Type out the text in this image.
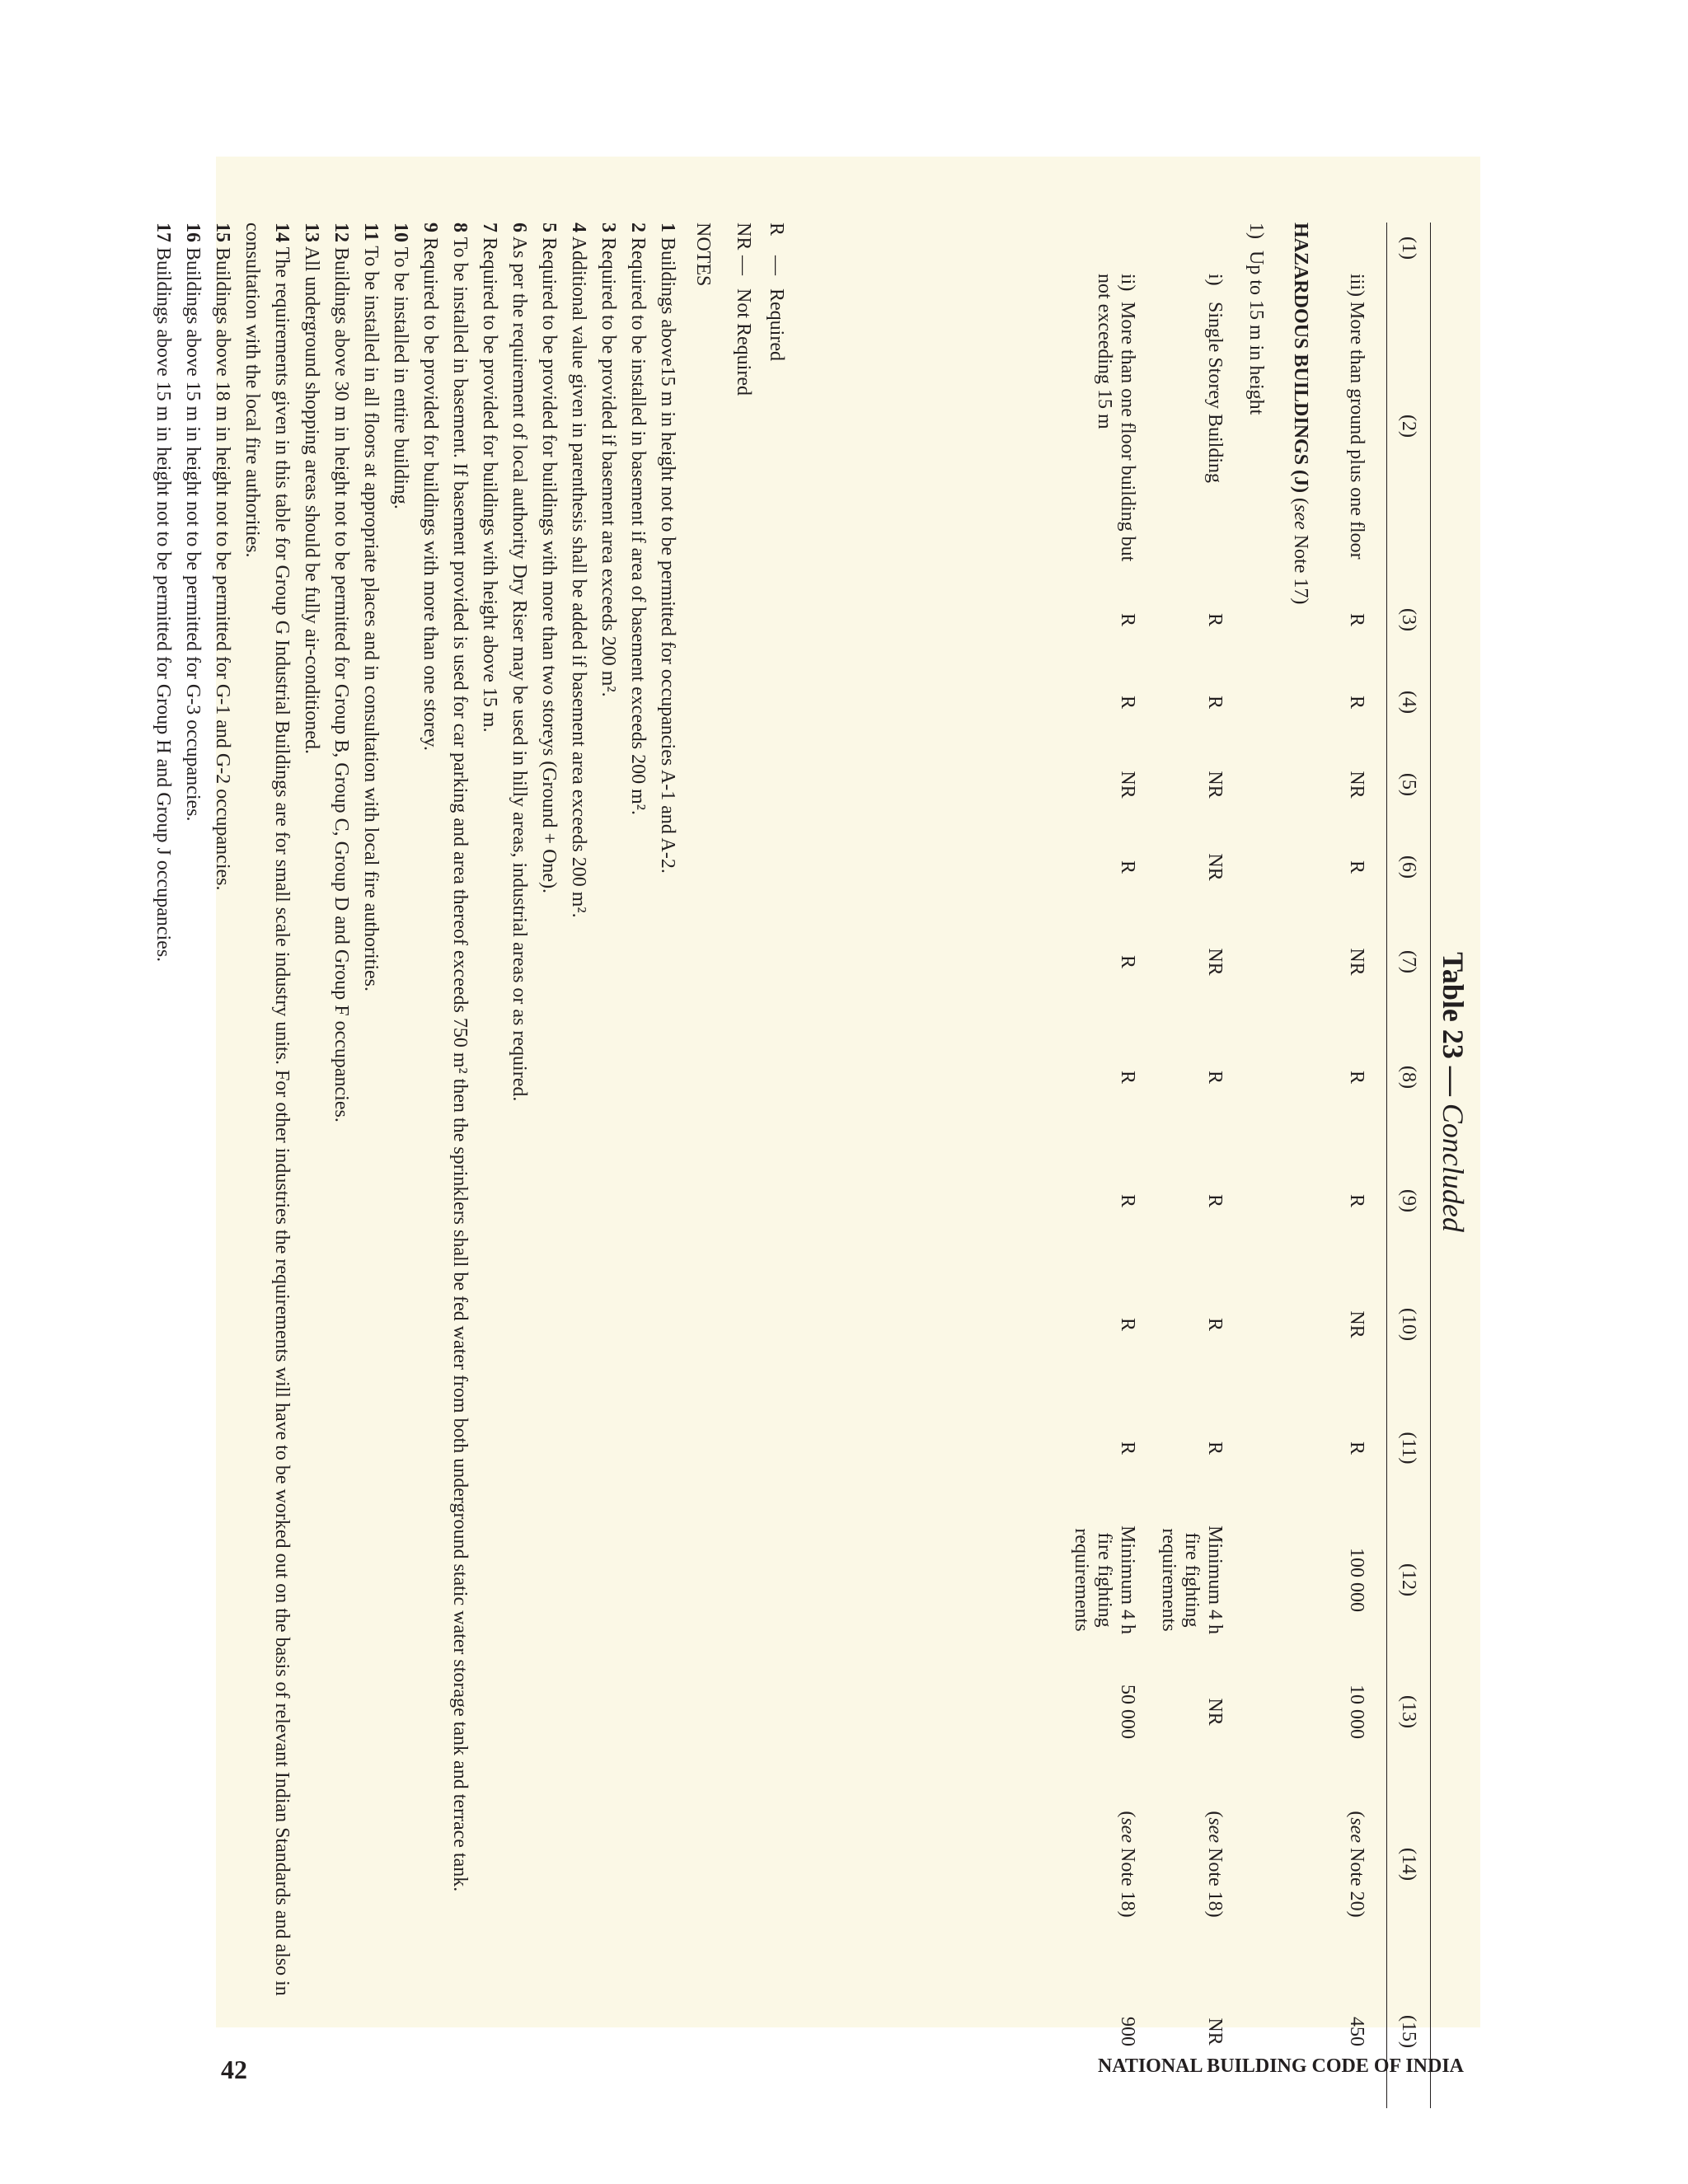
Table 23 — Concluded
(1)	(2)	(3)	(4)	(5)	(6)	(7)	(8)	(9)	(10)	(11)	(12)	(13)	(14)	(15)
	iii)More than ground plus one floor	R	R	NR	R	NR	R	R	NR	R	100 000	10 000	(see Note 20)	450
HAZARDOUS BUILDINGS (J) (see Note 17)														
1)Up to 15 m in height														
	i)Single Storey Building	R	R	NR	NR	NR	R	R	R	R	Minimum 4 h fire fighting requirements	NR	(see Note 18)	NR
	ii)More than one floor building but not exceeding 15 m	R	R	NR	R	R	R	R	R	R	Minimum 4 h fire fighting requirements	50 000	(see Note 18)	900
R
—
Required
NR
—
Not Required
NOTES
1 Buildings above15 m in height not to be permitted for occupancies A-1 and A-2.
2 Required to be installed in basement if area of basement exceeds 200 m².
3 Required to be provided if basement area exceeds 200 m².
4 Additional value given in parenthesis shall be added if basement area exceeds 200 m².
5 Required to be provided for buildings with more than two storeys (Ground + One).
6 As per the requirement of local authority Dry Riser may be used in hilly areas, industrial areas or as required.
7 Required to be provided for buildings with height above 15 m.
8 To be installed in basement. If basement provided is used for car parking and area thereof exceeds 750 m² then the sprinklers shall be fed water from both underground static water storage tank and terrace tank.
9 Required to be provided for buildings with more than one storey.
10 To be installed in entire building.
11 To be installed in all floors at appropriate places and in consultation with local fire authorities.
12 Buildings above 30 m in height not to be permitted for Group B, Group C, Group D and Group F occupancies.
13 All underground shopping areas should be fully air-conditioned.
14 The requirements given in this table for Group G Industrial Buildings are for small scale industry units. For other industries the requirements will have to be worked out on the basis of relevant Indian Standards and also in consultation with the local fire authorities.
15 Buildings above 18 m in height not to be permitted for G-1 and G-2 occupancies.
16 Buildings above 15 m in height not to be permitted for G-3 occupancies.
17 Buildings above 15 m in height not to be permitted for Group H and Group J occupancies.
42	NATIONAL BUILDING CODE OF INDIA
